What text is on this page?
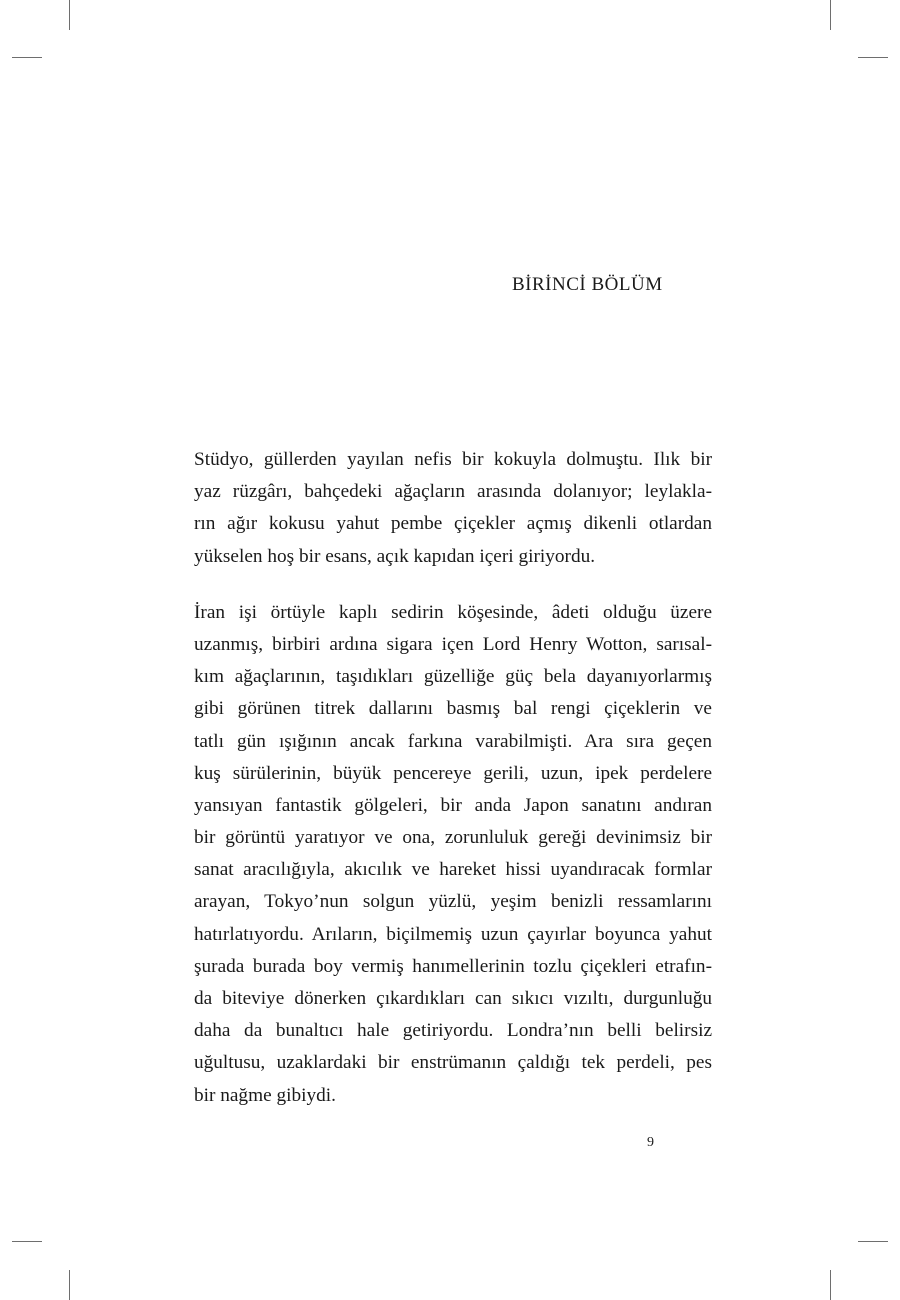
BİRİNCİ BÖLÜM

Stüdyo, güllerden yayılan nefis bir kokuyla dolmuştu. Ilık bir
yaz rüzgârı, bahçedeki ağaçların arasında dolanıyor; leylakla-
rın ağır kokusu yahut pembe çiçekler açmış dikenli otlardan
yükselen hoş bir esans, açık kapıdan içeri giriyordu.

İran işi örtüyle kaplı sedirin köşesinde, âdeti olduğu üzere
uzanmış, birbiri ardına sigara içen Lord Henry Wotton, sarısal-
kım ağaçlarının, taşıdıkları güzelliğe güç bela dayanıyorlarmış
gibi görünen titrek dallarını basmış bal rengi çiçeklerin ve
tatlı gün ışığının ancak farkına varabilmişti. Ara sıra geçen
kuş sürülerinin, büyük pencereye gerili, uzun, ipek perdelere
yansıyan fantastik gölgeleri, bir anda Japon sanatını andıran
bir görüntü yaratıyor ve ona, zorunluluk gereği devinimsiz bir
sanat aracılığıyla, akıcılık ve hareket hissi uyandıracak formlar
arayan, Tokyo’nun solgun yüzlü, yeşim benizli ressamlarını
hatırlatıyordu. Arıların, biçilmemiş uzun çayırlar boyunca yahut
şurada burada boy vermiş hanımellerinin tozlu çiçekleri etrafın-
da biteviye dönerken çıkardıkları can sıkıcı vızıltı, durgunluğu
daha da bunaltıcı hale getiriyordu. Londra’nın belli belirsiz
uğultusu, uzaklardaki bir enstrümanın çaldığı tek perdeli, pes
bir nağme gibiydi.

9
